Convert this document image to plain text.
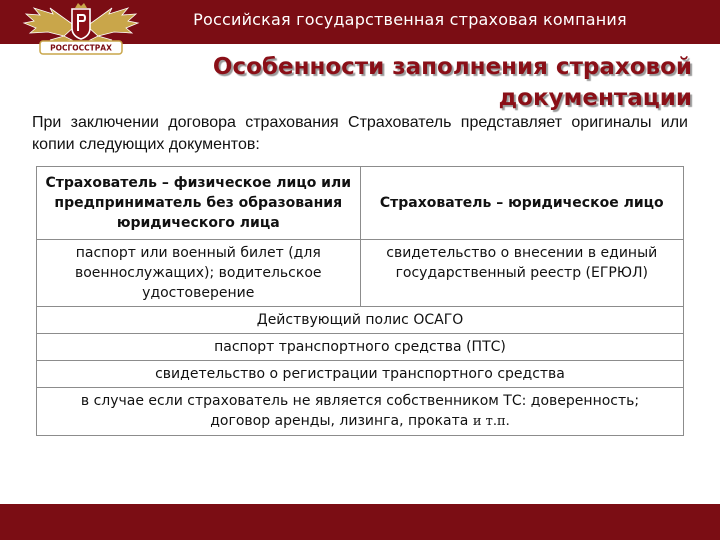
Российская государственная страховая компания
РОСГОССТРАХ
Особенности заполнения страховой
документации
При заключении договора страхования Страхователь представляет оригиналы или копии следующих документов:
Страхователь – физическое лицо или предприниматель без образования юридического лица	Страхователь – юридическое лицо
паспорт или военный билет (для военнослужащих); водительское удостоверение	свидетельство о внесении в единый государственный реестр (ЕГРЮЛ)
Действующий полис ОСАГО	
паспорт транспортного средства (ПТС)	
свидетельство о регистрации транспортного средства	

в случае если страхователь не является собственником ТС: доверенность;
договор аренды, лизинга, проката и т.п.	
